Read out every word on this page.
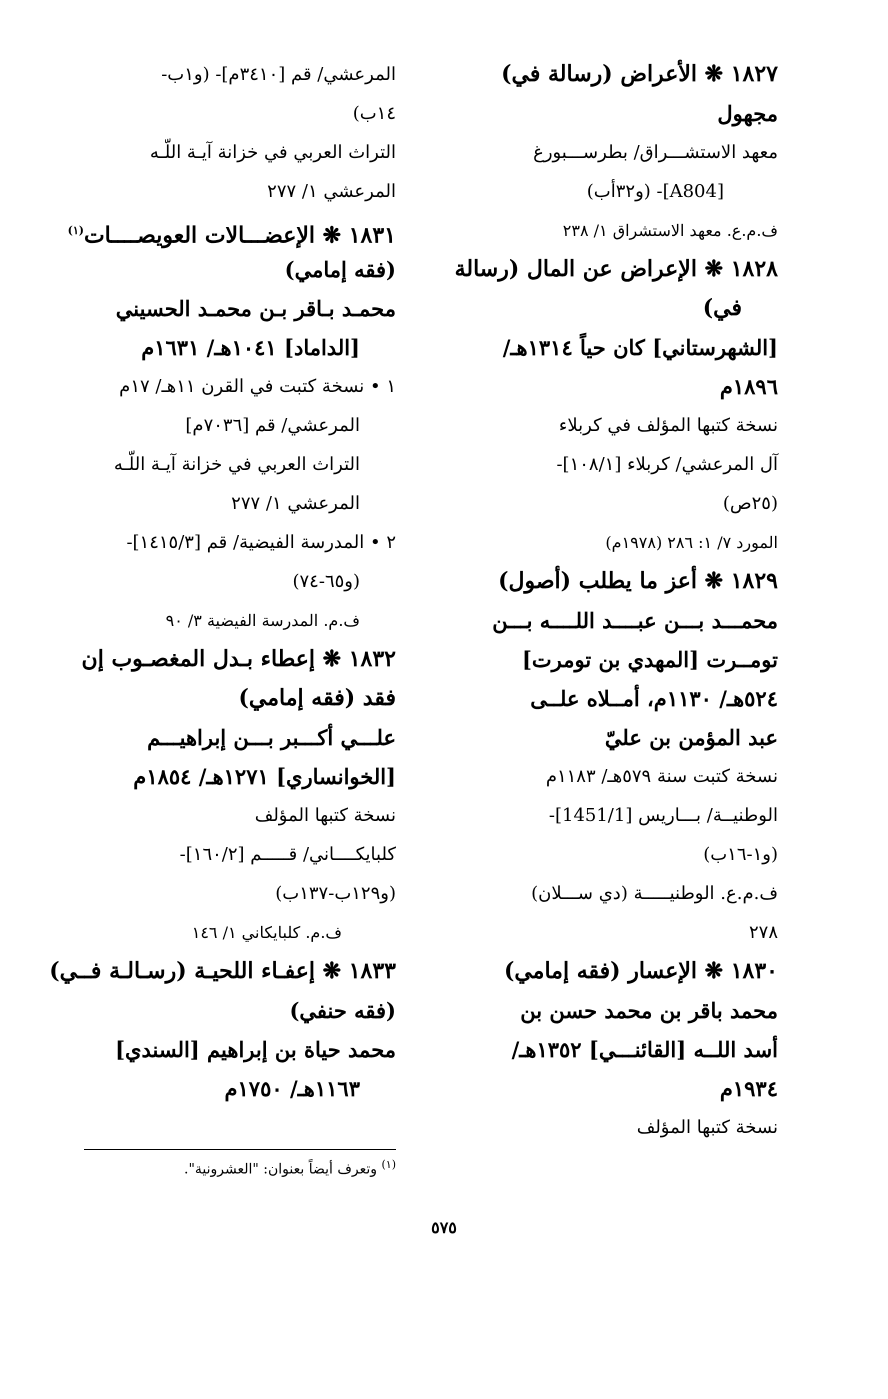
١٨٢٧ ❋ الأعراض (رسالة في)
مجهول
معهد الاستشـــراق/ بطرســـبورغ
[A804]- (و٣٢أب)
ف.م.ع. معهد الاستشراق ١/ ٢٣٨
١٨٢٨ ❋ الإعراض عن المال (رسالة
في)
[الشهرستاني] كان حياً ١٣١٤هـ/
١٨٩٦م
نسخة كتبها المؤلف في كربلاء
آل المرعشي/ كربلاء [١٠٨/١]-
(٢٥ص)
المورد ٧/ ١: ٢٨٦ (١٩٧٨م)
١٨٢٩ ❋ أعز ما يطلب (أصول)
محمـــد بـــن عبــــد اللــــه بـــن
تومــرت [المهدي بن تومرت]
٥٢٤هـ/ ١١٣٠م، أمــلاه علــى
عبد المؤمن بن عليّ
نسخة كتبت سنة ٥٧٩هـ/ ١١٨٣م
الوطنيــة/ بـــاريس [1451/1]-
(و١-١٦ب)
ف.م.ع. الوطنيـــــة (دي ســـلان)
٢٧٨
١٨٣٠ ❋ الإعسار (فقه إمامي)
محمد باقر بن محمد حسن بن
أسد اللــه [القائنـــي] ١٣٥٢هـ/
١٩٣٤م
نسخة كتبها المؤلف
المرعشي/ قم [٣٤١٠م]- (و١ب-
١٤ب)
التراث العربي في خزانة آيـة اللّـه
المرعشي ١/ ٢٧٧
١٨٣١ ❋ الإعضـــالات العويصــــات$^{(١)}$
(فقه إمامي)
محمـد بـاقر بـن محمـد الحسيني
[الداماد] ١٠٤١هـ/ ١٦٣١م
١ • نسخة كتبت في القرن ١١هـ/ ١٧م
المرعشي/ قم [٧٠٣٦م]
التراث العربي في خزانة آيـة اللّـه
المرعشي ١/ ٢٧٧
٢ • المدرسة الفيضية/ قم [١٤١٥/٣]-
(و٦٥-٧٤)
ف.م. المدرسة الفيضية ٣/ ٩٠
١٨٣٢ ❋ إعطاء بـدل المغصـوب إن
فقد (فقه إمامي)
علـــي أكـــبر بـــن إبراهيـــم
[الخوانساري] ١٢٧١هـ/ ١٨٥٤م
نسخة كتبها المؤلف
كلبايكــــاني/ قـــــم [١٦٠/٢]-
(و١٢٩ب-١٣٧ب)
ف.م. كلبايكاني ١/ ١٤٦
١٨٣٣ ❋ إعفـاء اللحيـة (رسـالـة فــي)
(فقه حنفي)
محمد حياة بن إبراهيم [السندي]
١١٦٣هـ/ ١٧٥٠م
$^{(١)}$ وتعرف أيضاً بعنوان: "العشرونية".
٥٧٥
